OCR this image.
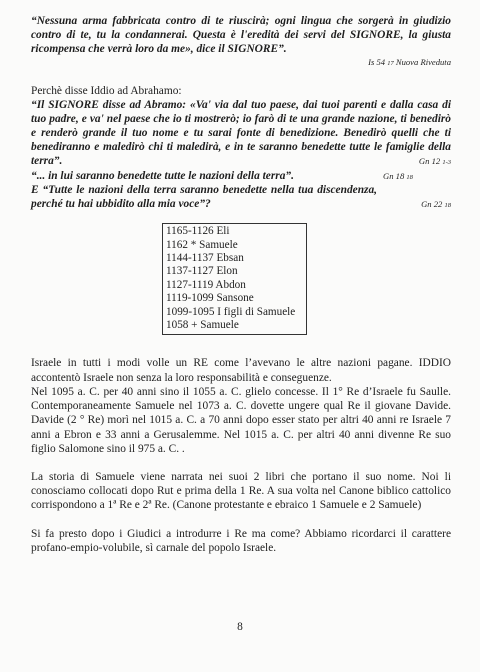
“Nessuna arma fabbricata contro di te riuscirà; ogni lingua che sorgerà in giudizio contro di te, tu la condannerai. Questa è l'eredità dei servi del SIGNORE, la giusta ricompensa che verrà loro da me», dice il SIGNORE”.

Is 54 17 Nuova Riveduta

Perchè disse Iddio ad Abrahamo:

“Il SIGNORE disse ad Abramo: «Va' via dal tuo paese, dai tuoi parenti e dalla casa di tuo padre, e va' nel paese che io ti mostrerò; io farò di te una grande nazione, ti benedirò e renderò grande il tuo nome e tu sarai fonte di benedizione. Benedirò quelli che ti benediranno e maledirò chi ti maledirà, e in te saranno benedette tutte le famiglie della terra”.	Gn 12 1-3

“... in lui saranno benedette tutte le nazioni della terra”.	Gn 18 18

E “Tutte le nazioni della terra saranno benedette nella tua discendenza, perché tu hai ubbidito alla mia voce”?	Gn 22 18

1165-1126 Eli
1162 * Samuele
1144-1137 Ebsan
1137-1127 Elon
1127-1119 Abdon
1119-1099 Sansone
1099-1095 I figli di Samuele
1058 + Samuele

Israele in tutti i modi volle un RE come l’avevano le altre nazioni pagane. IDDIO accontentò Israele non senza la loro responsabilità e conseguenze.

Nel 1095 a. C. per 40 anni sino il 1055 a. C. glielo concesse. Il 1° Re d’Israele fu Saulle. Contemporaneamente Samuele nel 1073 a. C. dovette ungere qual Re il giovane Davide. Davide (2 ° Re) morì nel 1015 a. C. a 70 anni dopo esser stato per altri 40 anni re Israele 7 anni a Ebron e 33 anni a Gerusalemme. Nel 1015 a. C. per altri 40 anni divenne Re suo figlio Salomone sino il 975 a. C. .

La storia di Samuele viene narrata nei suoi 2 libri che portano il suo nome. Noi li conosciamo collocati dopo Rut e prima della 1 Re. A sua volta nel Canone biblico cattolico corrispondono a 1ª Re e 2ª Re. (Canone protestante e ebraico 1 Samuele e 2 Samuele)

Si fa presto dopo i Giudici a introdurre i Re ma come? Abbiamo ricordarci il carattere profano-empio-volubile, sì carnale del popolo Israele.

8
